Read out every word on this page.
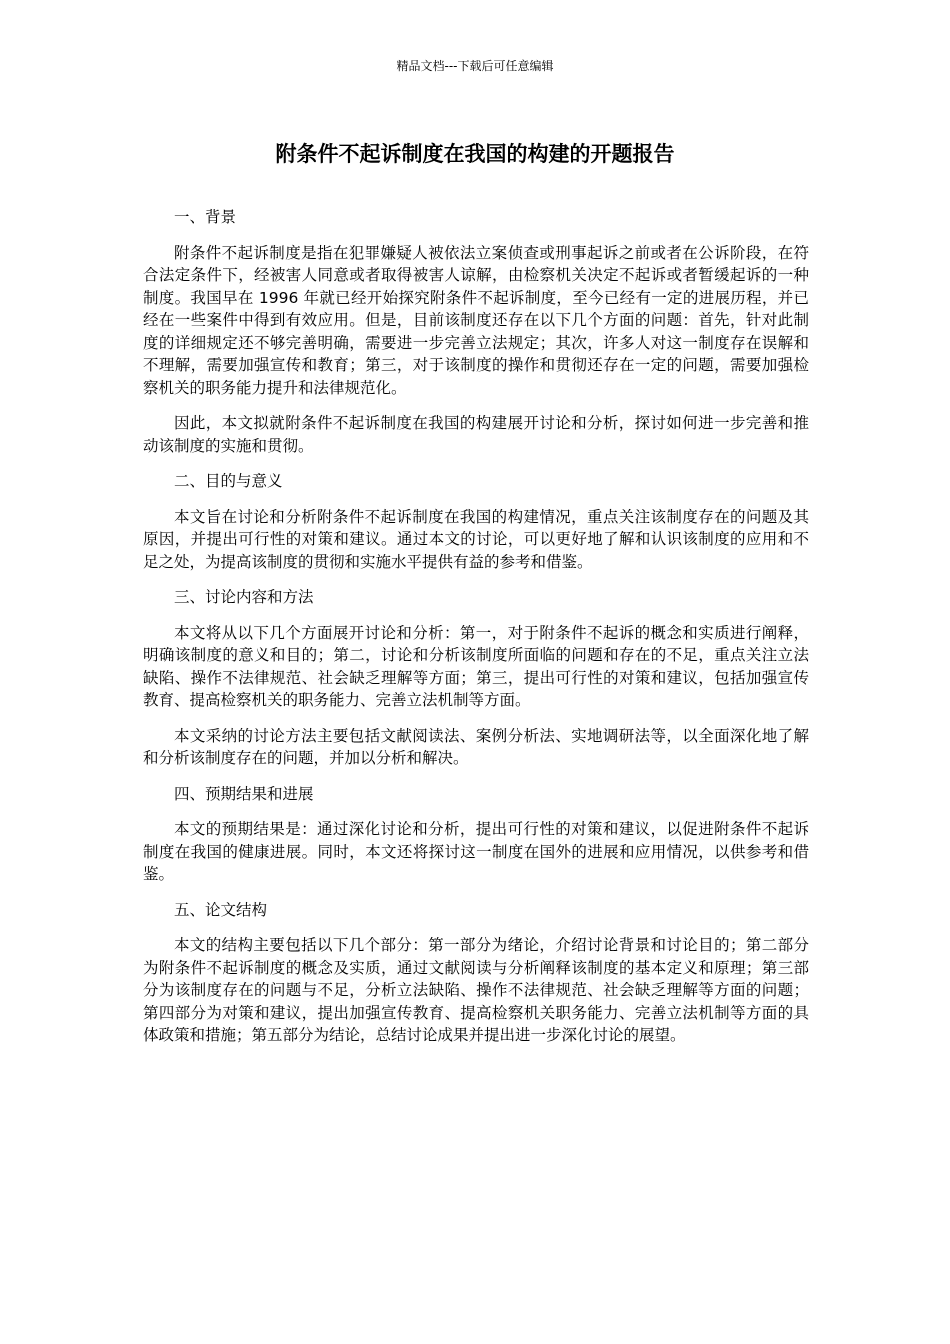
精品文档---下载后可任意编辑
附条件不起诉制度在我国的构建的开题报告

一、背景

附条件不起诉制度是指在犯罪嫌疑人被依法立案侦查或刑事起诉之前或者在公诉阶段，在符合法定条件下，经被害人同意或者取得被害人谅解，由检察机关决定不起诉或者暂缓起诉的一种制度。我国早在 1996 年就已经开始探究附条件不起诉制度，至今已经有一定的进展历程，并已经在一些案件中得到有效应用。但是，目前该制度还存在以下几个方面的问题：首先，针对此制度的详细规定还不够完善明确，需要进一步完善立法规定；其次，许多人对这一制度存在误解和不理解，需要加强宣传和教育；第三，对于该制度的操作和贯彻还存在一定的问题，需要加强检察机关的职务能力提升和法律规范化。

因此，本文拟就附条件不起诉制度在我国的构建展开讨论和分析，探讨如何进一步完善和推动该制度的实施和贯彻。

二、目的与意义

本文旨在讨论和分析附条件不起诉制度在我国的构建情况，重点关注该制度存在的问题及其原因，并提出可行性的对策和建议。通过本文的讨论，可以更好地了解和认识该制度的应用和不足之处，为提高该制度的贯彻和实施水平提供有益的参考和借鉴。

三、讨论内容和方法

本文将从以下几个方面展开讨论和分析：第一，对于附条件不起诉的概念和实质进行阐释，明确该制度的意义和目的；第二，讨论和分析该制度所面临的问题和存在的不足，重点关注立法缺陷、操作不法律规范、社会缺乏理解等方面；第三，提出可行性的对策和建议，包括加强宣传教育、提高检察机关的职务能力、完善立法机制等方面。

本文采纳的讨论方法主要包括文献阅读法、案例分析法、实地调研法等，以全面深化地了解和分析该制度存在的问题，并加以分析和解决。

四、预期结果和进展

本文的预期结果是：通过深化讨论和分析，提出可行性的对策和建议，以促进附条件不起诉制度在我国的健康进展。同时，本文还将探讨这一制度在国外的进展和应用情况，以供参考和借鉴。

五、论文结构

本文的结构主要包括以下几个部分：第一部分为绪论，介绍讨论背景和讨论目的；第二部分为附条件不起诉制度的概念及实质，通过文献阅读与分析阐释该制度的基本定义和原理；第三部分为该制度存在的问题与不足，分析立法缺陷、操作不法律规范、社会缺乏理解等方面的问题；第四部分为对策和建议，提出加强宣传教育、提高检察机关职务能力、完善立法机制等方面的具体政策和措施；第五部分为结论，总结讨论成果并提出进一步深化讨论的展望。
